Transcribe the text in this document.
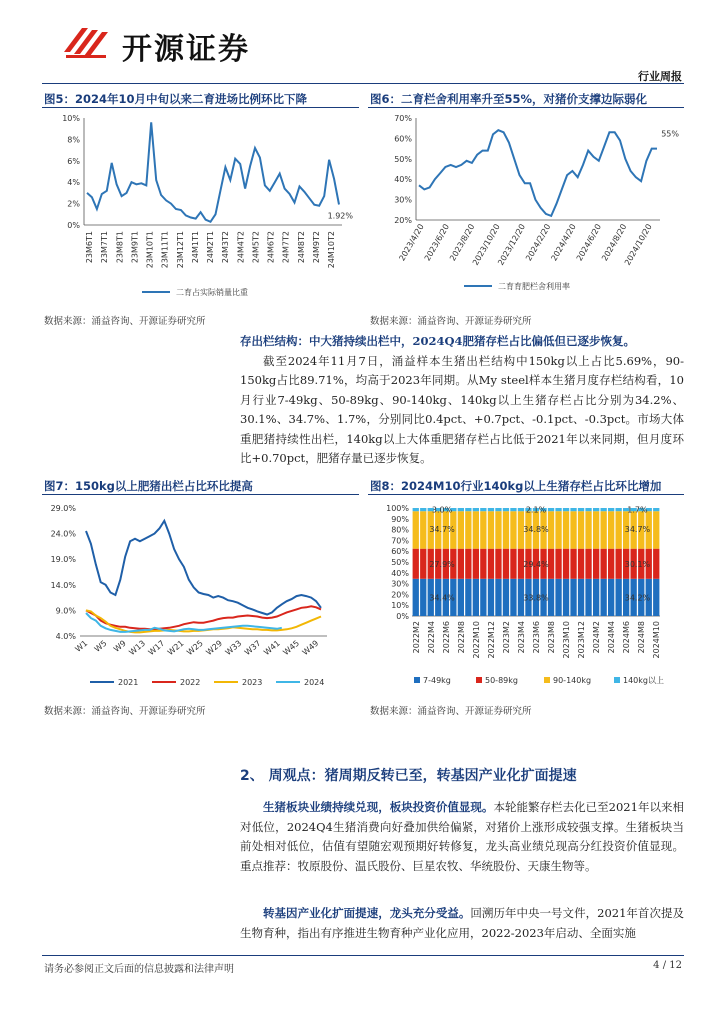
开源证券
行业周报
图5：2024年10月中旬以来二育进场比例环比下降
0%
2%
4%
6%
8%
10%
23M6T1 23M7T1 23M8T1 23M9T1 23M10T1 23M11T1 23M12T1 24M1T1 24M2T1 24M3T2 24M4T2 24M5T2 24M6T2 24M7T2 24M8T2 24M9T2 24M10T2
1.92%
二育占实际销量比重
数据来源：涌益咨询、开源证券研究所
图6：二育栏舍利用率升至55%，对猪价支撑边际弱化
20%
30%
40%
50%
60%
70%
2023/4/20
2023/6/20
2023/8/20
2023/10/20
2023/12/20
2024/2/20
2024/4/20
2024/6/20
2024/8/20
2024/10/20
55%
二育育肥栏舍利用率
数据来源：涌益咨询、开源证券研究所
存出栏结构：中大猪持续出栏中，2024Q4肥猪存栏占比偏低但已逐步恢复。

截至2024年11月7日，涌益样本生猪出栏结构中150kg以上占比5.69%，90-150kg占比89.71%，均高于2023年同期。从My steel样本生猪月度存栏结构看，10月行业7-49kg、50-89kg、90-140kg、140kg以上生猪存栏占比分别为34.2%、30.1%、34.7%、1.7%，分别同比0.4pct、+0.7pct、-0.1pct、-0.3pct。市场大体重肥猪持续性出栏，140kg以上大体重肥猪存栏占比低于2021年以来同期，但月度环比+0.70pct，肥猪存量已逐步恢复。
图7：150kg以上肥猪出栏占比环比提高
4.0%
9.0%
14.0%
19.0%
24.0%
29.0%
W1 W5 W9 W13 W17 W21 W25 W29 W33 W37 W41 W45 W49
2021	2022	2023	2024
数据来源：涌益咨询、开源证券研究所
图8：2024M10行业140kg以上生猪存栏占比环比增加
0%
10%
20%
30%
40%
50%
60%
70%
80%
90%
100%	3.0%	2.1%	1.7%
34.7%	34.8%	34.7%
27.9%	29.4%	30.1%
34.4%	33.8%	34.2%
2022M2 2022M4 2022M6 2022M8 2022M10 2022M12 2023M2 2023M4 2023M6 2023M8 2023M10 2023M12 2024M2 2024M4 2024M6 2024M8 2024M10
7-49kg	50-89kg	90-140kg	140kg以上
数据来源：涌益咨询、开源证券研究所
2、 周观点：猪周期反转已至，转基因产业化扩面提速
生猪板块业绩持续兑现，板块投资价值显现。本轮能繁存栏去化已至2021年以来相对低位，2024Q4生猪消费向好叠加供给偏紧，对猪价上涨形成较强支撑。生猪板块当前处相对低位，估值有望随宏观预期好转修复，龙头高业绩兑现高分红投资价值显现。重点推荐：牧原股份、温氏股份、巨星农牧、华统股份、天康生物等。
转基因产业化扩面提速，龙头充分受益。回溯历年中央一号文件，2021年首次提及生物育种，指出有序推进生物育种产业化应用，2022-2023年启动、全面实施
请务必参阅正文后面的信息披露和法律声明	4 / 12
